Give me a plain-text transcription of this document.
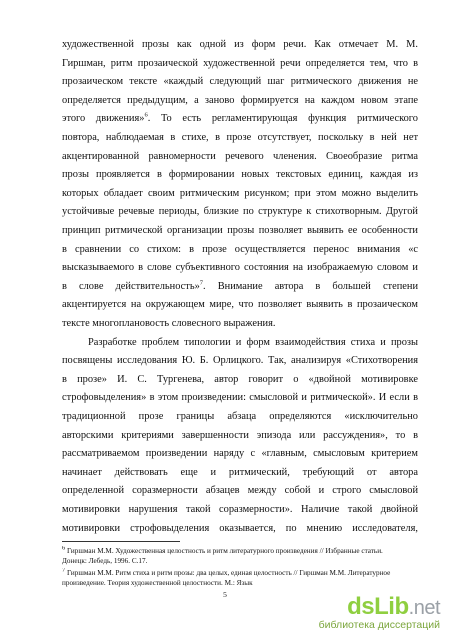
художественной прозы как одной из форм речи. Как отмечает М. М.
Гиршман, ритм прозаической художественной речи определяется тем, что в
прозаическом тексте «каждый следующий шаг ритмического движения не
определяется предыдущим, а заново формируется на каждом новом этапе
этого движения»$^6$. То есть регламентирующая функция ритмического
повтора, наблюдаемая в стихе, в прозе отсутствует, поскольку в ней нет
акцентированной равномерности речевого членения. Своеобразие ритма
прозы проявляется в формировании новых текстовых единиц, каждая из
которых обладает своим ритмическим рисунком; при этом можно выделить
устойчивые речевые периоды, близкие по структуре к стихотворным. Другой
принцип ритмической организации прозы позволяет выявить ее особенности
в сравнении со стихом: в прозе осуществляется перенос внимания «с
высказываемого в слове субъективного состояния на изображаемую словом и
в слове действительность»$^7$. Внимание автора в большей степени
акцентируется на окружающем мире, что позволяет выявить в прозаическом
тексте многоплановость словесного выражения.
Разработке проблем типологии и форм взаимодействия стиха и прозы
посвящены исследования Ю. Б. Орлицкого. Так, анализируя «Стихотворения
в прозе» И. С. Тургенева, автор говорит о «двойной мотивировке
строфовыделения» в этом произведении: смысловой и ритмической». И если в
традиционной прозе границы абзаца определяются «исключительно
авторскими критериями завершенности эпизода или рассуждения», то в
рассматриваемом произведении наряду с «главным, смысловым критерием
начинает действовать еще и ритмический, требующий от автора
определенной соразмерности абзацев между собой и строго смысловой
мотивировки нарушения такой соразмерности». Наличие такой двойной
мотивировки строфовыделения оказывается, по мнению исследователя,
$^6$ Гиршман М.М. Художественная целостность и ритм литературного произведения // Избранные статьи.
5	dsLib.net
библиотека диссертаций
Донецк: Лебедь, 1996. С.17.
$^7$ Гиршман М.М. Ритм стиха и ритм прозы: два целых, единая целостность // Гиршман М.М. Литературное
произведение. Теория художественной целостности. М.: Язык
